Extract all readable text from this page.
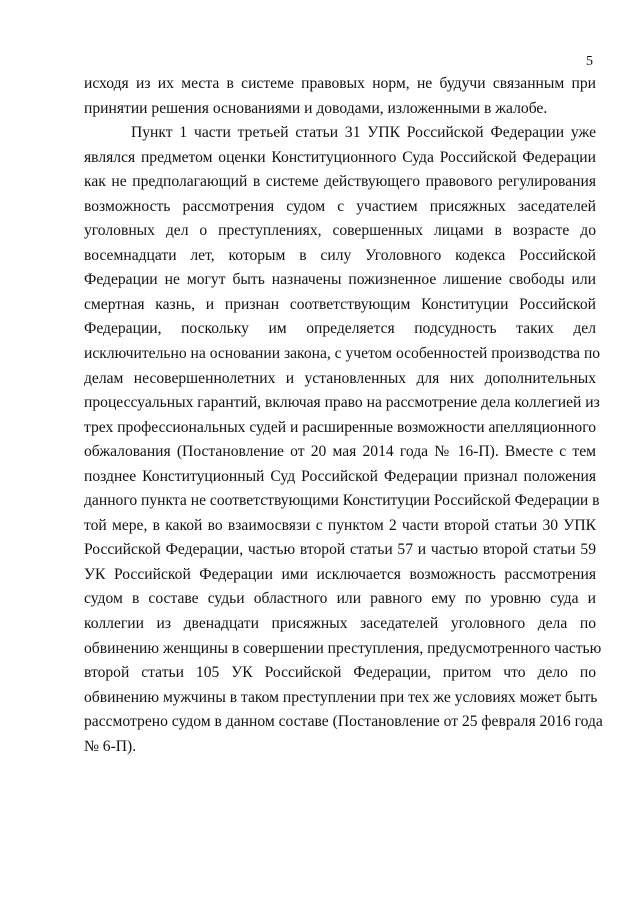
5
исходя из их места в системе правовых норм, не будучи связанным при
принятии решения основаниями и доводами, изложенными в жалобе.
Пункт 1 части третьей статьи 31 УПК Российской Федерации уже
являлся предметом оценки Конституционного Суда Российской Федерации
как не предполагающий в системе действующего правового регулирования
возможность рассмотрения судом с участием присяжных заседателей
уголовных дел о преступлениях, совершенных лицами в возрасте до
восемнадцати лет, которым в силу Уголовного кодекса Российской
Федерации не могут быть назначены пожизненное лишение свободы или
смертная казнь, и признан соответствующим Конституции Российской
Федерации, поскольку им определяется подсудность таких дел
исключительно на основании закона, с учетом особенностей производства по
делам несовершеннолетних и установленных для них дополнительных
процессуальных гарантий, включая право на рассмотрение дела коллегией из
трех профессиональных судей и расширенные возможности апелляционного
обжалования (Постановление от 20 мая 2014 года № 16-П). Вместе с тем
позднее Конституционный Суд Российской Федерации признал положения
данного пункта не соответствующими Конституции Российской Федерации в
той мере, в какой во взаимосвязи с пунктом 2 части второй статьи 30 УПК
Российской Федерации, частью второй статьи 57 и частью второй статьи 59
УК Российской Федерации ими исключается возможность рассмотрения
судом в составе судьи областного или равного ему по уровню суда и
коллегии из двенадцати присяжных заседателей уголовного дела по
обвинению женщины в совершении преступления, предусмотренного частью
второй статьи 105 УК Российской Федерации, притом что дело по
обвинению мужчины в таком преступлении при тех же условиях может быть
рассмотрено судом в данном составе (Постановление от 25 февраля 2016 года
№ 6-П).
